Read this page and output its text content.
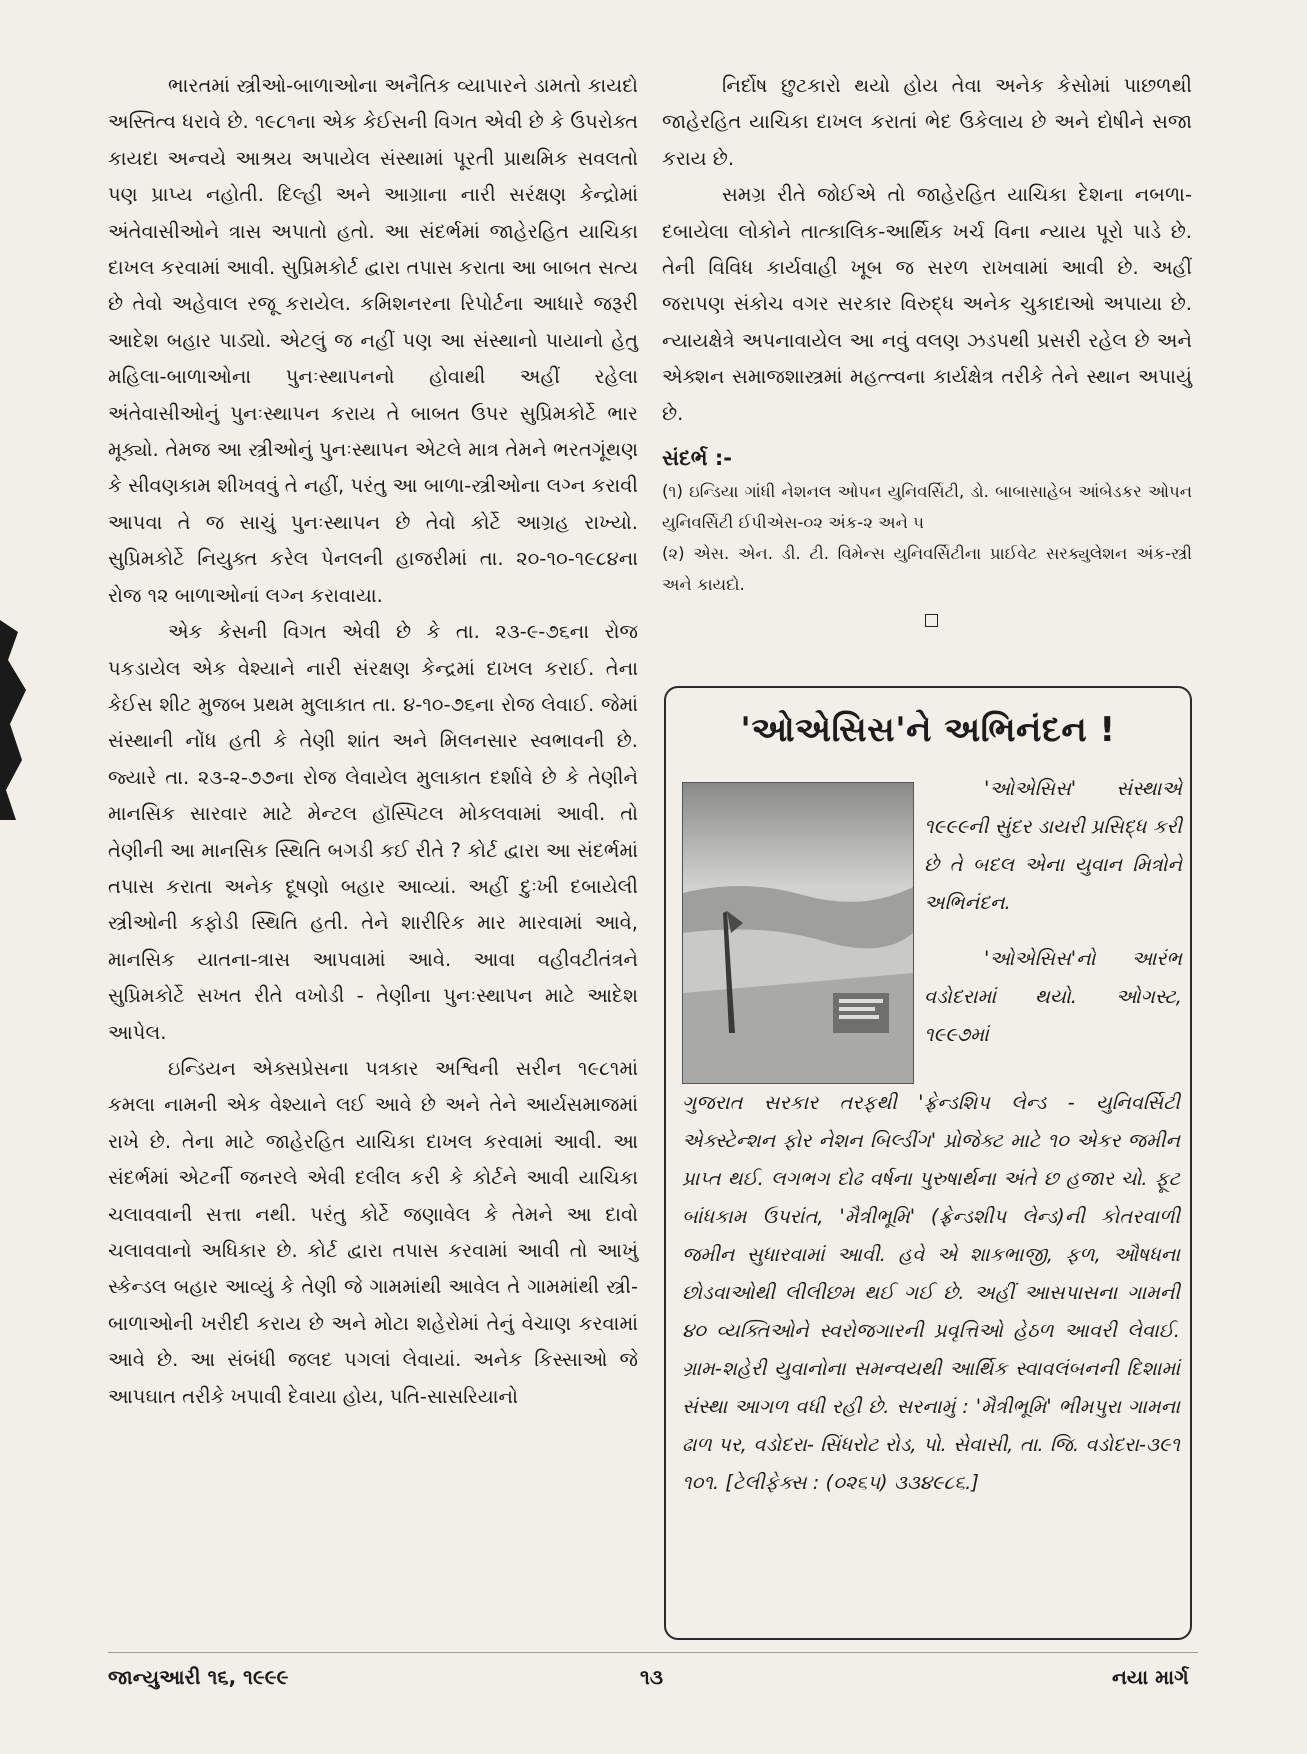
ભારતમાં સ્ત્રીઓ-બાળાઓના અનૈતિક વ્યાપારને ડામતો કાયદો અસ્તિત્વ ધરાવે છે. ૧૯૮૧ના એક કેઈસની વિગત એવી છે કે ઉપરોક્ત કાયદા અન્વયે આશ્રય અપાયેલ સંસ્થામાં પૂરતી પ્રાથમિક સવલતો પણ પ્રાપ્ય નહોતી. દિલ્હી અને આગ્રાના નારી સરંક્ષણ કેન્દ્રોમાં અંતેવાસીઓને ત્રાસ અપાતો હતો. આ સંદર્ભમાં જાહેરહિત યાચિકા દાખલ કરવામાં આવી. સુપ્રિમકોર્ટ દ્વારા તપાસ કરાતા આ બાબત સત્ય છે તેવો અહેવાલ રજૂ કરાયેલ. કમિશનરના રિપોર્ટના આધારે જરૂરી આદેશ બહાર પાડ્યો. એટલું જ નહીં પણ આ સંસ્થાનો પાયાનો હેતુ મહિલા-બાળાઓના પુનઃસ્થાપનનો હોવાથી અહીં રહેલા અંતેવાસીઓનું પુનઃસ્થાપન કરાય તે બાબત ઉપર સુપ્રિમકોર્ટે ભાર મૂક્યો. તેમજ આ સ્ત્રીઓનું પુનઃસ્થાપન એટલે માત્ર તેમને ભરતગૂંથણ કે સીવણકામ શીખવવું તે નહીં, પરંતુ આ બાળા-સ્ત્રીઓના લગ્ન કરાવી આપવા તે જ સાચું પુનઃસ્થાપન છે તેવો કોર્ટે આગ્રહ રાખ્યો. સુપ્રિમકોર્ટે નિયુક્ત કરેલ પેનલની હાજરીમાં તા. ૨૦-૧૦-૧૯૮૪ના રોજ ૧૨ બાળાઓનાં લગ્ન કરાવાયા.

એક કેસની વિગત એવી છે કે તા. ૨૩-૯-૭૬ના રોજ પકડાયેલ એક વેશ્યાને નારી સંરક્ષણ કેન્દ્રમાં દાખલ કરાઈ. તેના કેઈસ શીટ મુજબ પ્રથમ મુલાકાત તા. ૪-૧૦-૭૬ના રોજ લેવાઈ. જેમાં સંસ્થાની નોંધ હતી કે તેણી શાંત અને મિલનસાર સ્વભાવની છે. જ્યારે તા. ૨૩-૨-૭૭ના રોજ લેવાયેલ મુલાકાત દર્શાવે છે કે તેણીને માનસિક સારવાર માટે મેન્ટલ હૉસ્પિટલ મોકલવામાં આવી. તો તેણીની આ માનસિક સ્થિતિ બગડી કઈ રીતે ? કોર્ટ દ્વારા આ સંદર્ભમાં તપાસ કરાતા અનેક દૂષણો બહાર આવ્યાં. અહીં દુઃખી દબાયેલી સ્ત્રીઓની કફોડી સ્થિતિ હતી. તેને શારીરિક માર મારવામાં આવે, માનસિક યાતના-ત્રાસ આપવામાં આવે. આવા વહીવટીતંત્રને સુપ્રિમકોર્ટે સખત રીતે વખોડી - તેણીના પુનઃસ્થાપન માટે આદેશ આપેલ.

ઇન્ડિયન એક્સપ્રેસના પત્રકાર અશ્વિની સરીન ૧૯૮૧માં કમલા નામની એક વેશ્યાને લઈ આવે છે અને તેને આર્યસમાજમાં રાખે છે. તેના માટે જાહેરહિત યાચિકા દાખલ કરવામાં આવી. આ સંદર્ભમાં એટર્ની જનરલે એવી દલીલ કરી કે કોર્ટને આવી યાચિકા ચલાવવાની સત્તા નથી. પરંતુ કોર્ટે જણાવેલ કે તેમને આ દાવો ચલાવવાનો અધિકાર છે. કોર્ટ દ્વારા તપાસ કરવામાં આવી તો આખું સ્કેન્ડલ બહાર આવ્યું કે તેણી જે ગામમાંથી આવેલ તે ગામમાંથી સ્ત્રી-બાળાઓની ખરીદી કરાય છે અને મોટા શહેરોમાં તેનું વેચાણ કરવામાં આવે છે. આ સંબંધી જલદ પગલાં લેવાયાં. અનેક કિસ્સાઓ જે આપઘાત તરીકે ખપાવી દેવાયા હોય, પતિ-સાસરિયાનો

નિર્દોષ છુટકારો થયો હોય તેવા અનેક કેસોમાં પાછળથી જાહેરહિત યાચિકા દાખલ કરાતાં ભેદ ઉકેલાય છે અને દોષીને સજા કરાય છે.

સમગ્ર રીતે જોઈએ તો જાહેરહિત યાચિકા દેશના નબળા-દબાયેલા લોકોને તાત્કાલિક-આર્થિક ખર્ચ વિના ન્યાય પૂરો પાડે છે. તેની વિવિધ કાર્યવાહી ખૂબ જ સરળ રાખવામાં આવી છે. અહીં જરાપણ સંકોચ વગર સરકાર વિરુદ્ધ અનેક ચુકાદાઓ અપાયા છે. ન્યાયક્ષેત્રે અપનાવાયેલ આ નવું વલણ ઝડપથી પ્રસરી રહેલ છે અને એક્શન સમાજશાસ્ત્રમાં મહત્ત્વના કાર્યક્ષેત્ર તરીકે તેને સ્થાન અપાયું છે.

સંદર્ભ :-

(૧) ઇન્ડિયા ગાંધી નેશનલ ઓપન યુનિવર્સિટી, ડો. બાબાસાહેબ આંબેડકર ઓપન યુનિવર્સિટી ઈપીએસ-૦૨ અંક-૨ અને ૫

(૨) એસ. એન. ડી. ટી. વિમેન્સ યુનિવર્સિટીના પ્રાઈવેટ સરક્યુલેશન અંક-સ્ત્રી અને કાયદો.

'ઓએસિસ'ને અભિનંદન !

'ઓએસિસ' સંસ્થાએ ૧૯૯૯ની સુંદર ડાયરી પ્રસિદ્ધ કરી છે તે બદલ એના યુવાન મિત્રોને અભિનંદન.

'ઓએસિસ'નો આરંભ વડોદરામાં થયો. ઓગસ્ટ, ૧૯૯૭માં

ગુજરાત સરકાર તરફથી 'ફ્રેન્ડશિપ લેન્ડ - યુનિવર્સિટી એક્સ્ટેન્શન ફોર નેશન બિલ્ડીંગ' પ્રોજેક્ટ માટે ૧૦ એકર જમીન પ્રાપ્ત થઈ. લગભગ દોઢ વર્ષના પુરુષાર્થના અંતે છ હજાર ચો. ફૂટ બાંધકામ ઉપરાંત, 'મૈત્રીભૂમિ' (ફ્રેન્ડશીપ લેન્ડ)ની કોતરવાળી જમીન સુધારવામાં આવી. હવે એ શાકભાજી, ફળ, ઔષધના છોડવાઓથી લીલીછમ થઈ ગઈ છે. અહીં આસપાસના ગામની ૪૦ વ્યક્તિઓને સ્વરોજગારની પ્રવૃત્તિઓ હેઠળ આવરી લેવાઈ. ગ્રામ-શહેરી યુવાનોના સમન્વયથી આર્થિક સ્વાવલંબનની દિશામાં સંસ્થા આગળ વધી રહી છે. સરનામું : 'મૈત્રીભૂમિ' ભીમપુરા ગામના ઢાળ પર, વડોદરા- સિંધરોટ રોડ, પો. સેવાસી, તા. જિ. વડોદરા-૩૯૧ ૧૦૧. [ટેલીફેક્સ : (૦૨૬૫) ૩૩૪૯૮૬.]
જાન્યુઆરી ૧૬, ૧૯૯૯	૧૩	નયા માર્ગ
